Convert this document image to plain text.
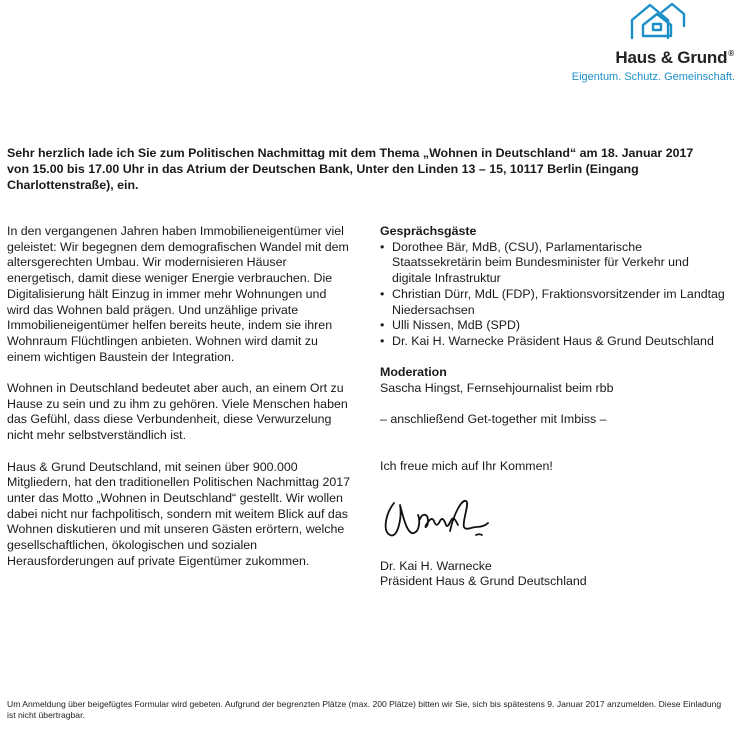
Haus & Grund®
Eigentum. Schutz. Gemeinschaft.

Sehr herzlich lade ich Sie zum Politischen Nachmittag mit dem Thema „Wohnen in Deutschland“ am 18. Januar 2017 von 15.00 bis 17.00 Uhr in das Atrium der Deutschen Bank, Unter den Linden 13 – 15, 10117 Berlin (Eingang Charlottenstraße), ein.

In den vergangenen Jahren haben Immobilieneigentümer viel geleistet: Wir begegnen dem demografischen Wandel mit dem altersgerechten Umbau. Wir modernisieren Häuser energetisch, damit diese weniger Energie verbrauchen. Die Digitalisierung hält Einzug in immer mehr Wohnungen und wird das Wohnen bald prägen. Und unzählige private Immobilieneigentümer helfen bereits heute, indem sie ihren Wohnraum Flüchtlingen anbieten. Wohnen wird damit zu einem wichtigen Baustein der Integration.

Wohnen in Deutschland bedeutet aber auch, an einem Ort zu Hause zu sein und zu ihm zu gehören. Viele Menschen haben das Gefühl, dass diese Verbundenheit, diese Verwurzelung nicht mehr selbstverständlich ist.

Haus & Grund Deutschland, mit seinen über 900.000 Mitgliedern, hat den traditionellen Politischen Nachmittag 2017 unter das Motto „Wohnen in Deutschland“ gestellt. Wir wollen dabei nicht nur fachpolitisch, sondern mit weitem Blick auf das Wohnen diskutieren und mit unseren Gästen erörtern, welche gesellschaftlichen, ökologischen und sozialen Herausforderungen auf private Eigentümer zukommen.

Gesprächsgäste
• Dorothee Bär, MdB, (CSU), Parlamentarische Staatssekretärin beim Bundesminister für Verkehr und digitale Infrastruktur
• Christian Dürr, MdL (FDP), Fraktionsvorsitzender im Landtag Niedersachsen
• Ulli Nissen, MdB (SPD)
• Dr. Kai H. Warnecke Präsident Haus & Grund Deutschland
Moderation

Sascha Hingst, Fernsehjournalist beim rbb

– anschließend Get-together mit Imbiss –

Ich freue mich auf Ihr Kommen!

Dr. Kai H. Warnecke

Präsident Haus & Grund Deutschland

Um Anmeldung über beigefügtes Formular wird gebeten. Aufgrund der begrenzten Plätze (max. 200 Plätze) bitten wir Sie, sich bis spätestens 9. Januar 2017 anzumelden. Diese Einladung ist nicht übertragbar.
